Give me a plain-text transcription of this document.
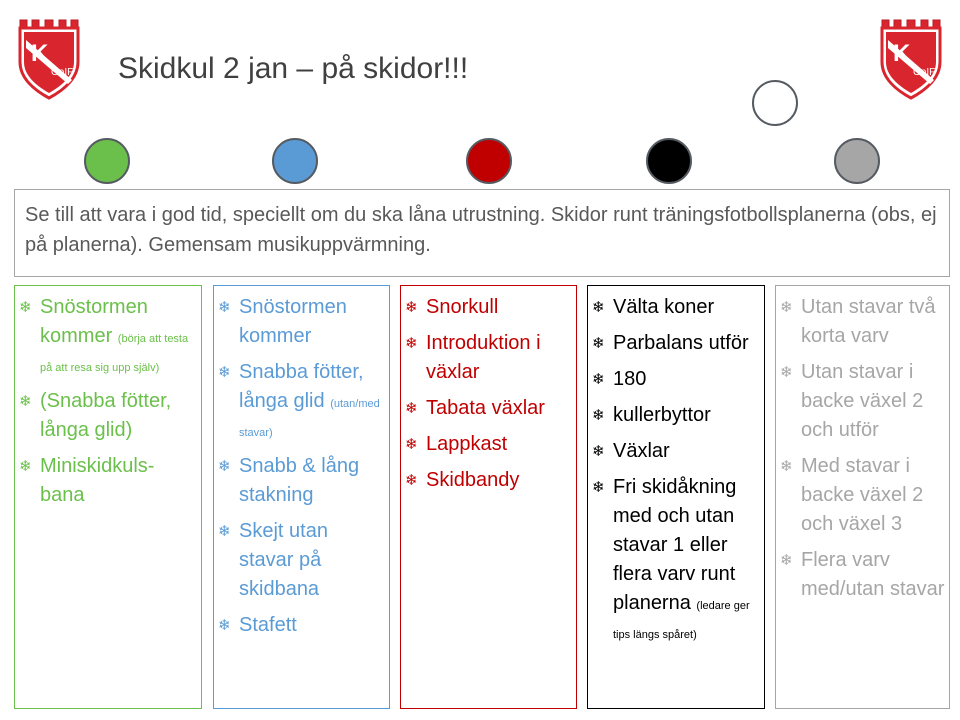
K
GoIF
K
GoIF
Skidkul 2 jan – på skidor!!!
Se till att vara i god tid, speciellt om du ska låna utrustning. Skidor runt träningsfotbollsplanerna (obs, ej på planerna). Gemensam musikuppvärmning.
❄ Snöstormen kommer (börja att testa på att resa sig upp själv)
❄ (Snabba fötter, långa glid)
❄ Miniskidkuls-bana
❄ Snöstormen kommer
❄ Snabba fötter, långa glid (utan/med stavar)
❄ Snabb & lång stakning
❄ Skejt utan stavar på skidbana
❄ Stafett
❄ Snorkull
❄ Introduktion i växlar
❄ Tabata växlar
❄ Lappkast
❄ Skidbandy
❄ Välta koner
❄ Parbalans utför
❄ 180
❄ kullerbyttor
❄ Växlar
❄ Fri skidåkning med och utan stavar 1 eller flera varv runt planerna (ledare ger tips längs spåret)
❄ Utan stavar två korta varv
❄ Utan stavar i backe växel 2 och utför
❄ Med stavar i backe växel 2 och växel 3
❄ Flera varv med/utan stavar
